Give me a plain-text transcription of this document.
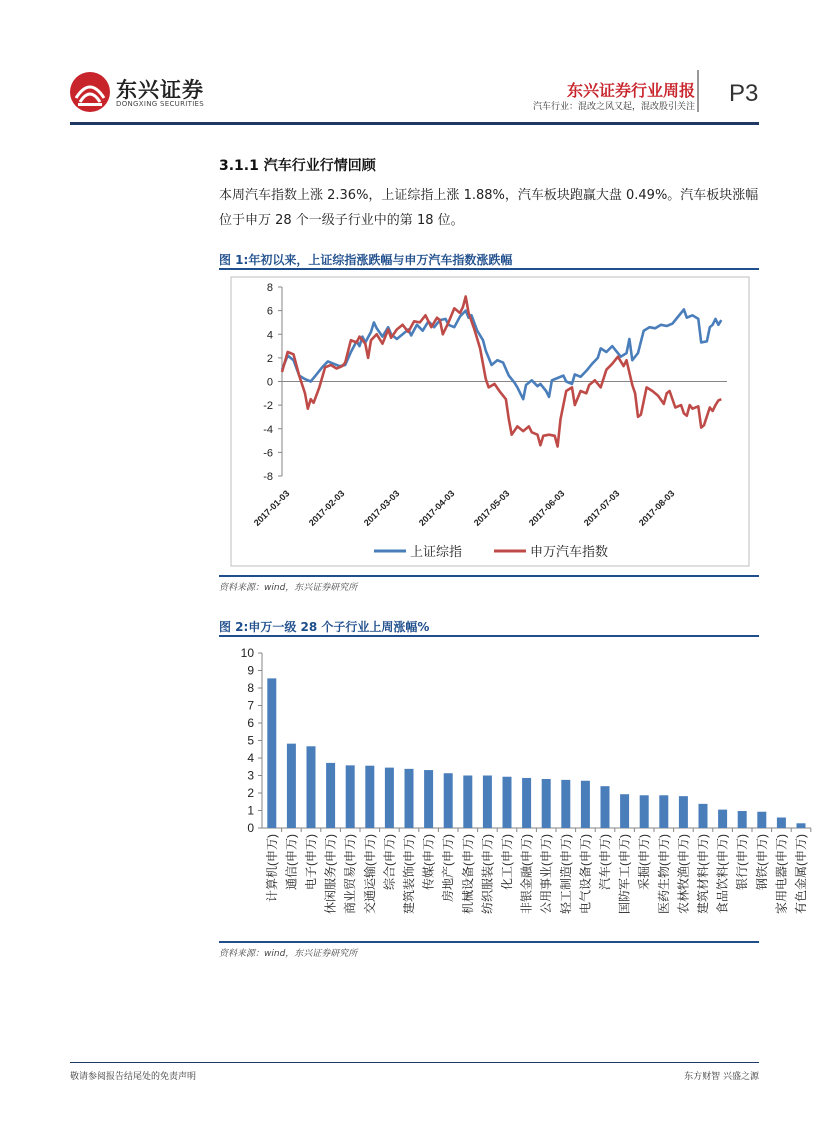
东兴证券
DONGXING SECURITIES
东兴证券行业周报
汽车行业：混改之风又起，混改股引关注 P3
3.1.1 汽车行业行情回顾
本周汽车指数上涨 2.36%，上证综指上涨 1.88%，汽车板块跑赢大盘 0.49%。汽车板块涨幅位于申万 28 个一级子行业中的第 18 位。
图 1:年初以来，上证综指涨跌幅与申万汽车指数涨跌幅
8
6
4
2
0
-2
-4
-6
-8
2017-01-03 2017-02-03 2017-03-03 2017-04-03 2017-05-03 2017-06-03 2017-07-03 2017-08-03
上证综指	申万汽车指数
资料来源：wind，东兴证券研究所
图 2:申万一级 28 个子行业上周涨幅%
10
9
8
7
6
5
4
3
2
1
0
计算机(申万) 通信(申万) 电子(申万) 休闲服务(申万) 商业贸易(申万) 交通运输(申万) 综合(申万) 建筑装饰(申万) 传媒(申万) 房地产(申万) 机械设备(申万) 纺织服装(申万) 化工(申万) 非银金融(申万) 公用事业(申万) 轻工制造(申万) 电气设备(申万) 汽车(申万) 国防军工(申万) 采掘(申万) 医药生物(申万) 农林牧渔(申万) 建筑材料(申万) 食品饮料(申万) 银行(申万) 钢铁(申万) 家用电器(申万) 有色金属(申万)
资料来源：wind，东兴证券研究所
敬请参阅报告结尾处的免责声明	东方财智 兴盛之源
